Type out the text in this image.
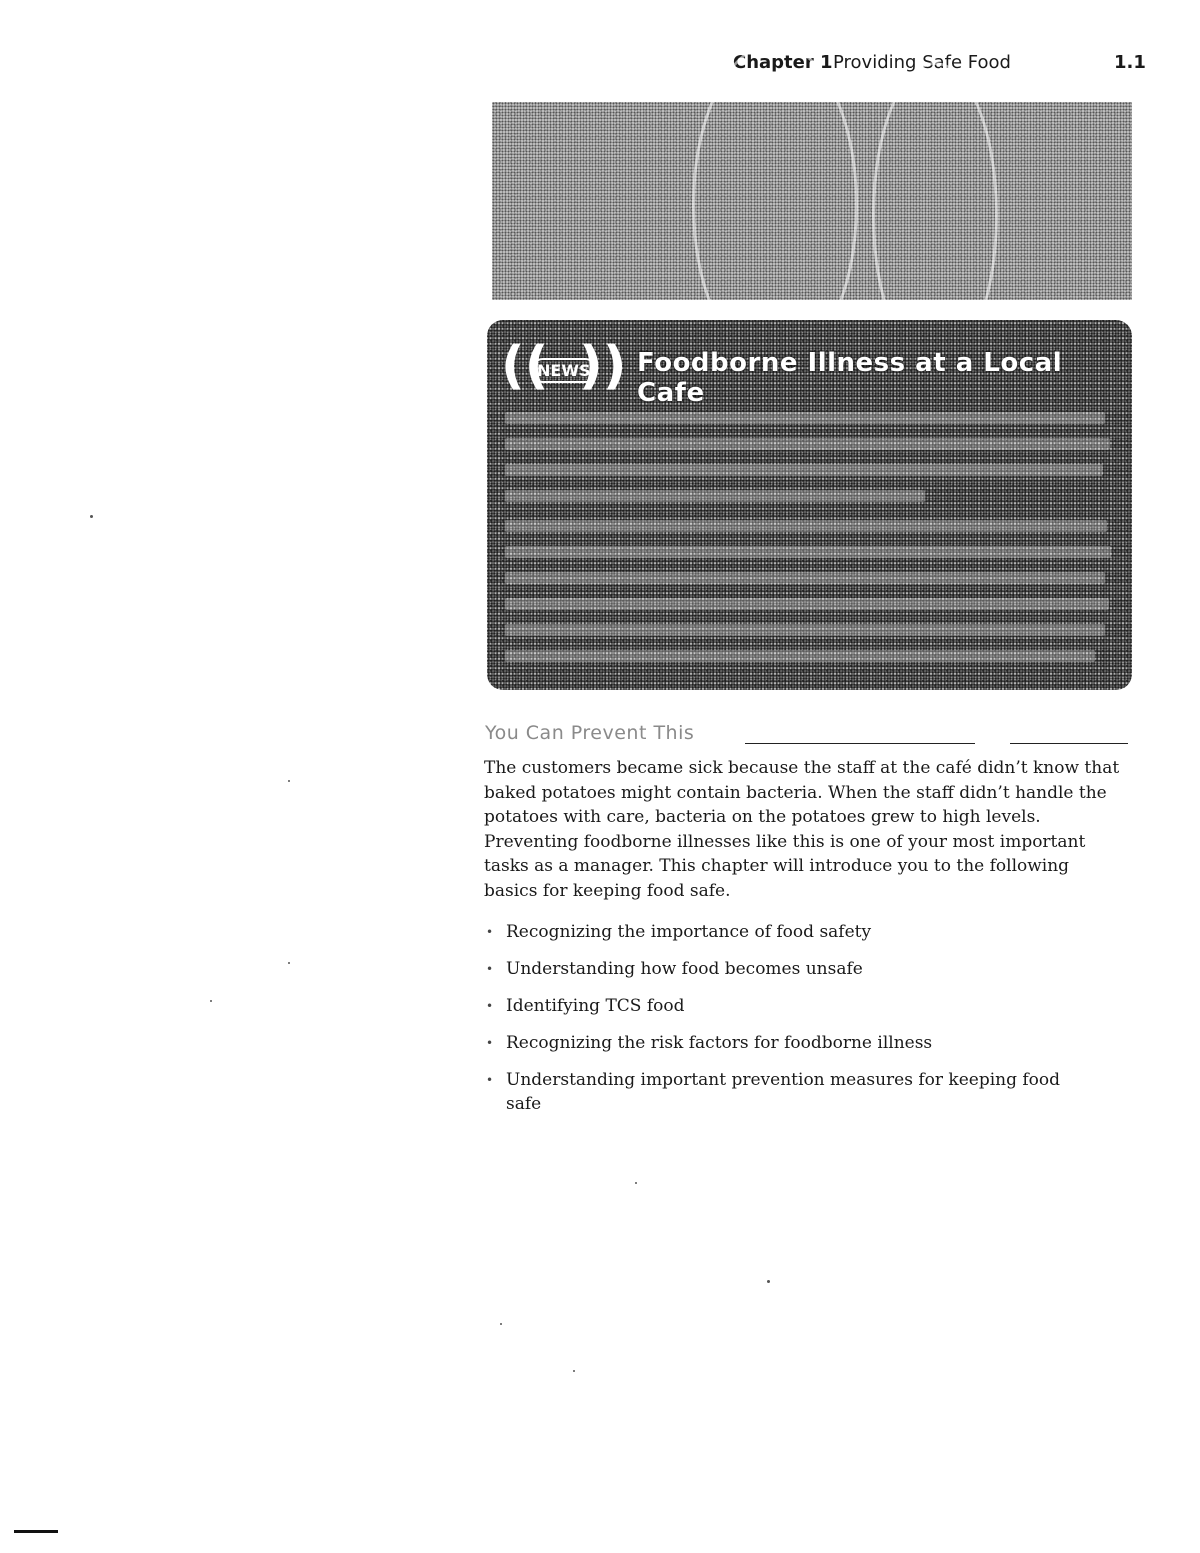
Chapter 1 Providing Safe Food	1.1
((
NEWS
)) Foodborne Illness at a Local Cafe
You Can Prevent This

The customers became sick because the staff at the café didn’t know that baked potatoes might contain bacteria. When the staff didn’t handle the potatoes with care, bacteria on the potatoes grew to high levels. Preventing foodborne illnesses like this is one of your most important tasks as a manager. This chapter will introduce you to the following basics for keeping food safe.

• Recognizing the importance of food safety
• Understanding how food becomes unsafe
• Identifying TCS food
• Recognizing the risk factors for foodborne illness
• Understanding important prevention measures for keeping food safe
